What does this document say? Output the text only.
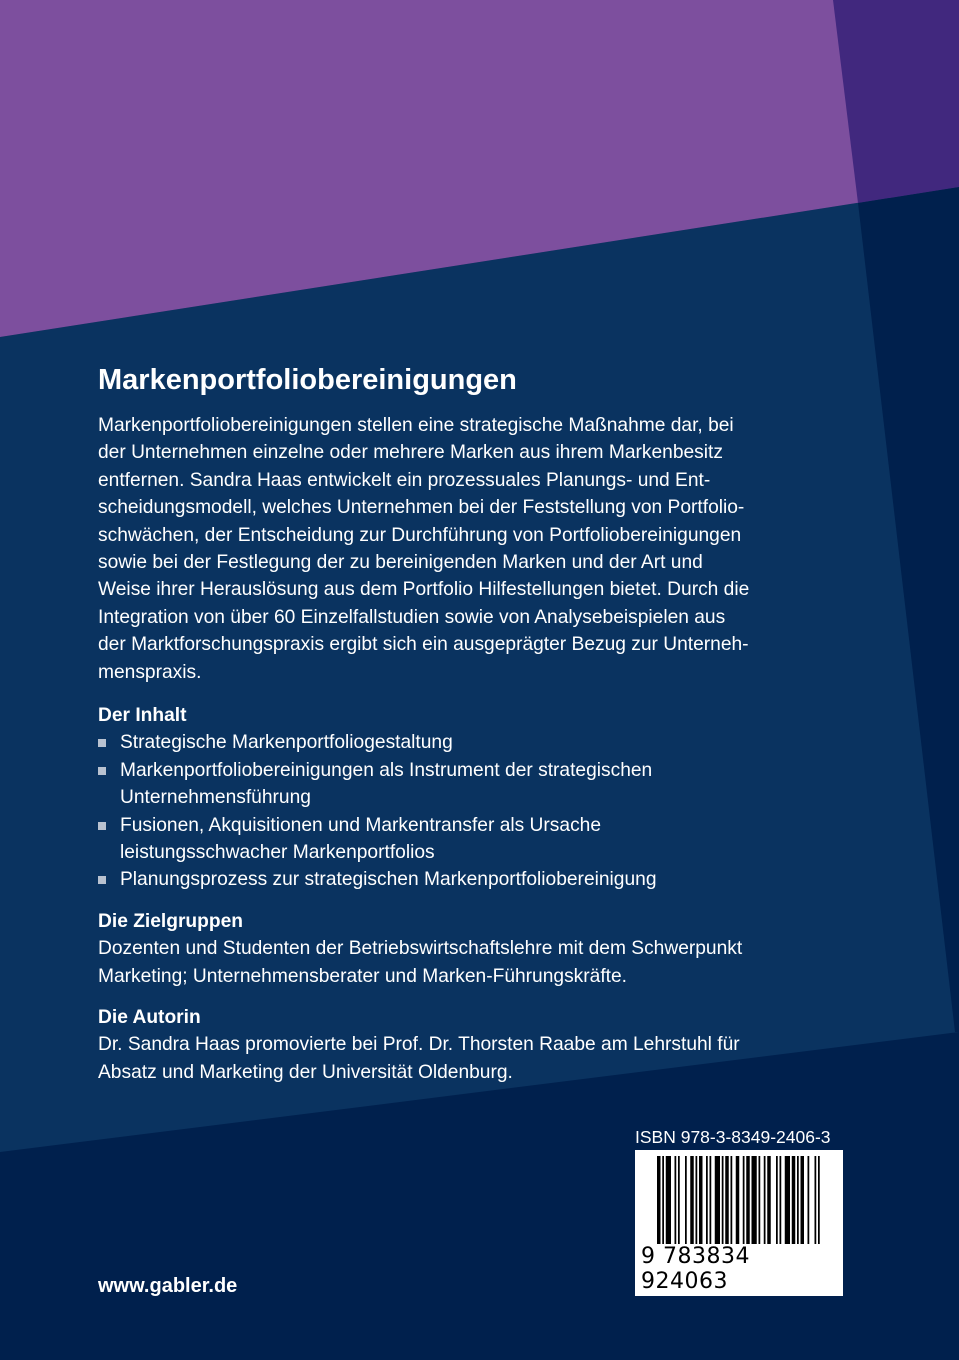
Markenportfoliobereinigungen
Markenportfoliobereinigungen stellen eine strategische Maßnahme dar, bei
der Unternehmen einzelne oder mehrere Marken aus ihrem Markenbesitz
entfernen. Sandra Haas entwickelt ein prozessuales Planungs- und Ent-
scheidungsmodell, welches Unternehmen bei der Feststellung von Portfolio-
schwächen, der Entscheidung zur Durchführung von Portfoliobereinigungen
sowie bei der Festlegung der zu bereinigenden Marken und der Art und
Weise ihrer Herauslösung aus dem Portfolio Hilfestellungen bietet. Durch die
Integration von über 60 Einzelfallstudien sowie von Analysebeispielen aus
der Marktforschungspraxis ergibt sich ein ausgeprägter Bezug zur Unterneh-
menspraxis.
Der Inhalt
Strategische Markenportfoliogestaltung
Markenportfoliobereinigungen als Instrument der strategischen
Unternehmensführung
Fusionen, Akquisitionen und Markentransfer als Ursache
leistungsschwacher Markenportfolios
Planungsprozess zur strategischen Markenportfoliobereinigung
Die Zielgruppen
Dozenten und Studenten der Betriebswirtschaftslehre mit dem Schwerpunkt
Marketing; Unternehmensberater und Marken-Führungskräfte.
Die Autorin
Dr. Sandra Haas promovierte bei Prof. Dr. Thorsten Raabe am Lehrstuhl für
Absatz und Marketing der Universität Oldenburg.
ISBN 978-3-8349-2406-3
9 783834 924063
www.gabler.de
